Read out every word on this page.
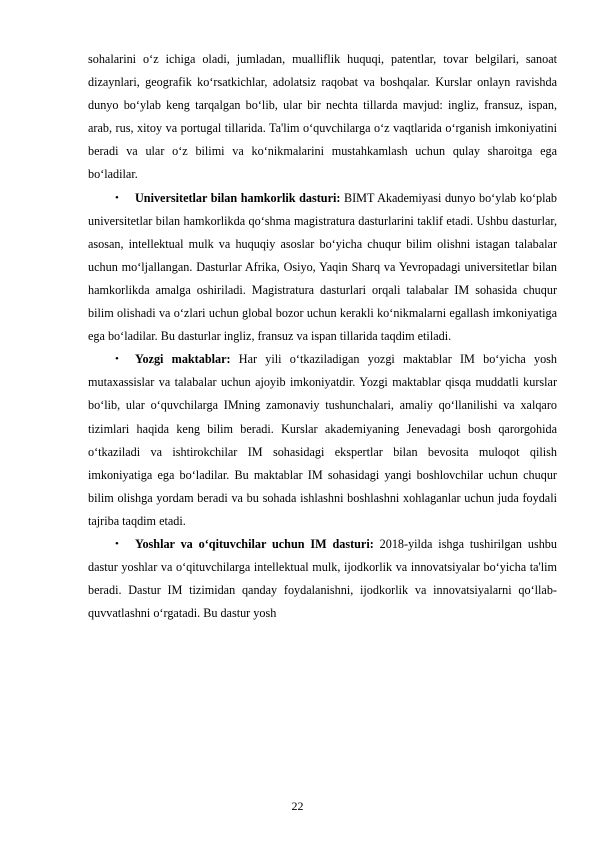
sohalarini o‘z ichiga oladi, jumladan, mualliflik huquqi, patentlar, tovar belgilari, sanoat dizaynlari, geografik ko‘rsatkichlar, adolatsiz raqobat va boshqalar. Kurslar onlayn ravishda dunyo bo‘ylab keng tarqalgan bo‘lib, ular bir nechta tillarda mavjud: ingliz, fransuz, ispan, arab, rus, xitoy va portugal tillarida. Ta'lim o‘quvchilarga o‘z vaqtlarida o‘rganish imkoniyatini beradi va ular o‘z bilimi va ko‘nikmalarini mustahkamlash uchun qulay sharoitga ega bo‘ladilar.

•	Universitetlar bilan hamkorlik dasturi: BIMT Akademiyasi dunyo bo‘ylab ko‘plab universitetlar bilan hamkorlikda qo‘shma magistratura dasturlarini taklif etadi. Ushbu dasturlar, asosan, intellektual mulk va huquqiy asoslar bo‘yicha chuqur bilim olishni istagan talabalar uchun mo‘ljallangan. Dasturlar Afrika, Osiyo, Yaqin Sharq va Yevropadagi universitetlar bilan hamkorlikda amalga oshiriladi. Magistratura dasturlari orqali talabalar IM sohasida chuqur bilim olishadi va o‘zlari uchun global bozor uchun kerakli ko‘nikmalarni egallash imkoniyatiga ega bo‘ladilar. Bu dasturlar ingliz, fransuz va ispan tillarida taqdim etiladi.

•	Yozgi maktablar: Har yili o‘tkaziladigan yozgi maktablar IM bo‘yicha yosh mutaxassislar va talabalar uchun ajoyib imkoniyatdir. Yozgi maktablar qisqa muddatli kurslar bo‘lib, ular o‘quvchilarga IMning zamonaviy tushunchalari, amaliy qo‘llanilishi va xalqaro tizimlari haqida keng bilim beradi. Kurslar akademiyaning Jenevadagi bosh qarorgohida o‘tkaziladi va ishtirokchilar IM sohasidagi ekspertlar bilan bevosita muloqot qilish imkoniyatiga ega bo‘ladilar. Bu maktablar IM sohasidagi yangi boshlovchilar uchun chuqur bilim olishga yordam beradi va bu sohada ishlashni boshlashni xohlaganlar uchun juda foydali tajriba taqdim etadi.

•	Yoshlar va o‘qituvchilar uchun IM dasturi: 2018-yilda ishga tushirilgan ushbu dastur yoshlar va o‘qituvchilarga intellektual mulk, ijodkorlik va innovatsiyalar bo‘yicha ta'lim beradi. Dastur IM tizimidan qanday foydalanishni, ijodkorlik va innovatsiyalarni qo‘llab-quvvatlashni o‘rgatadi. Bu dastur yosh

22
